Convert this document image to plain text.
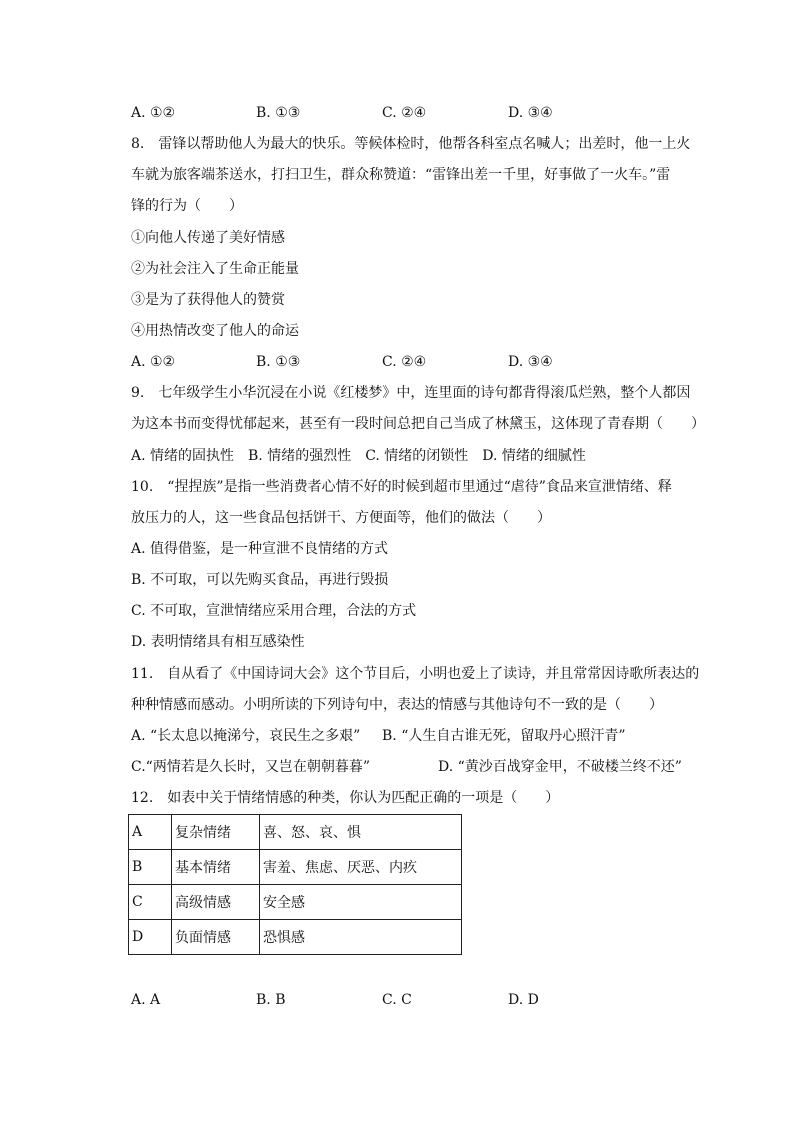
A. ①②	B. ①③	C. ②④	D. ③④
8.　雷锋以帮助他人为最大的快乐。等候体检时，他帮各科室点名喊人；出差时，他一上火
车就为旅客端茶送水，打扫卫生，群众称赞道：“雷锋出差一千里，好事做了一火车。”雷
锋的行为（　　）
①向他人传递了美好情感
②为社会注入了生命正能量
③是为了获得他人的赞赏
④用热情改变了他人的命运
A. ①②	B. ①③	C. ②④	D. ③④
9.　七年级学生小华沉浸在小说《红楼梦》中，连里面的诗句都背得滚瓜烂熟，整个人都因
为这本书而变得忧郁起来，甚至有一段时间总把自己当成了林黛玉，这体现了青春期（　　）
A. 情绪的固执性　B. 情绪的强烈性　C. 情绪的闭锁性　D. 情绪的细腻性
10.　“捏捏族”是指一些消费者心情不好的时候到超市里通过“虐待”食品来宣泄情绪、释
放压力的人，这一些食品包括饼干、方便面等，他们的做法（　　）
A. 值得借鉴，是一种宣泄不良情绪的方式
B. 不可取，可以先购买食品，再进行毁损
C. 不可取，宣泄情绪应采用合理，合法的方式
D. 表明情绪具有相互感染性
11.　自从看了《中国诗词大会》这个节目后，小明也爱上了读诗，并且常常因诗歌所表达的
种种情感而感动。小明所读的下列诗句中，表达的情感与其他诗句不一致的是（　　）
A. “长太息以掩涕兮，哀民生之多艰” B. “人生自古谁无死，留取丹心照汗青”
C.“两情若是久长时，又岂在朝朝暮暮”	D. “黄沙百战穿金甲，不破楼兰终不还”
12.　如表中关于情绪情感的种类，你认为匹配正确的一项是（　　）
A	复杂情绪	喜、怒、哀、惧
B	基本情绪	害羞、焦虑、厌恶、内疚
C	高级情感	安全感
D	负面情感	恐惧感
A. A	B. B	C. C	D. D
